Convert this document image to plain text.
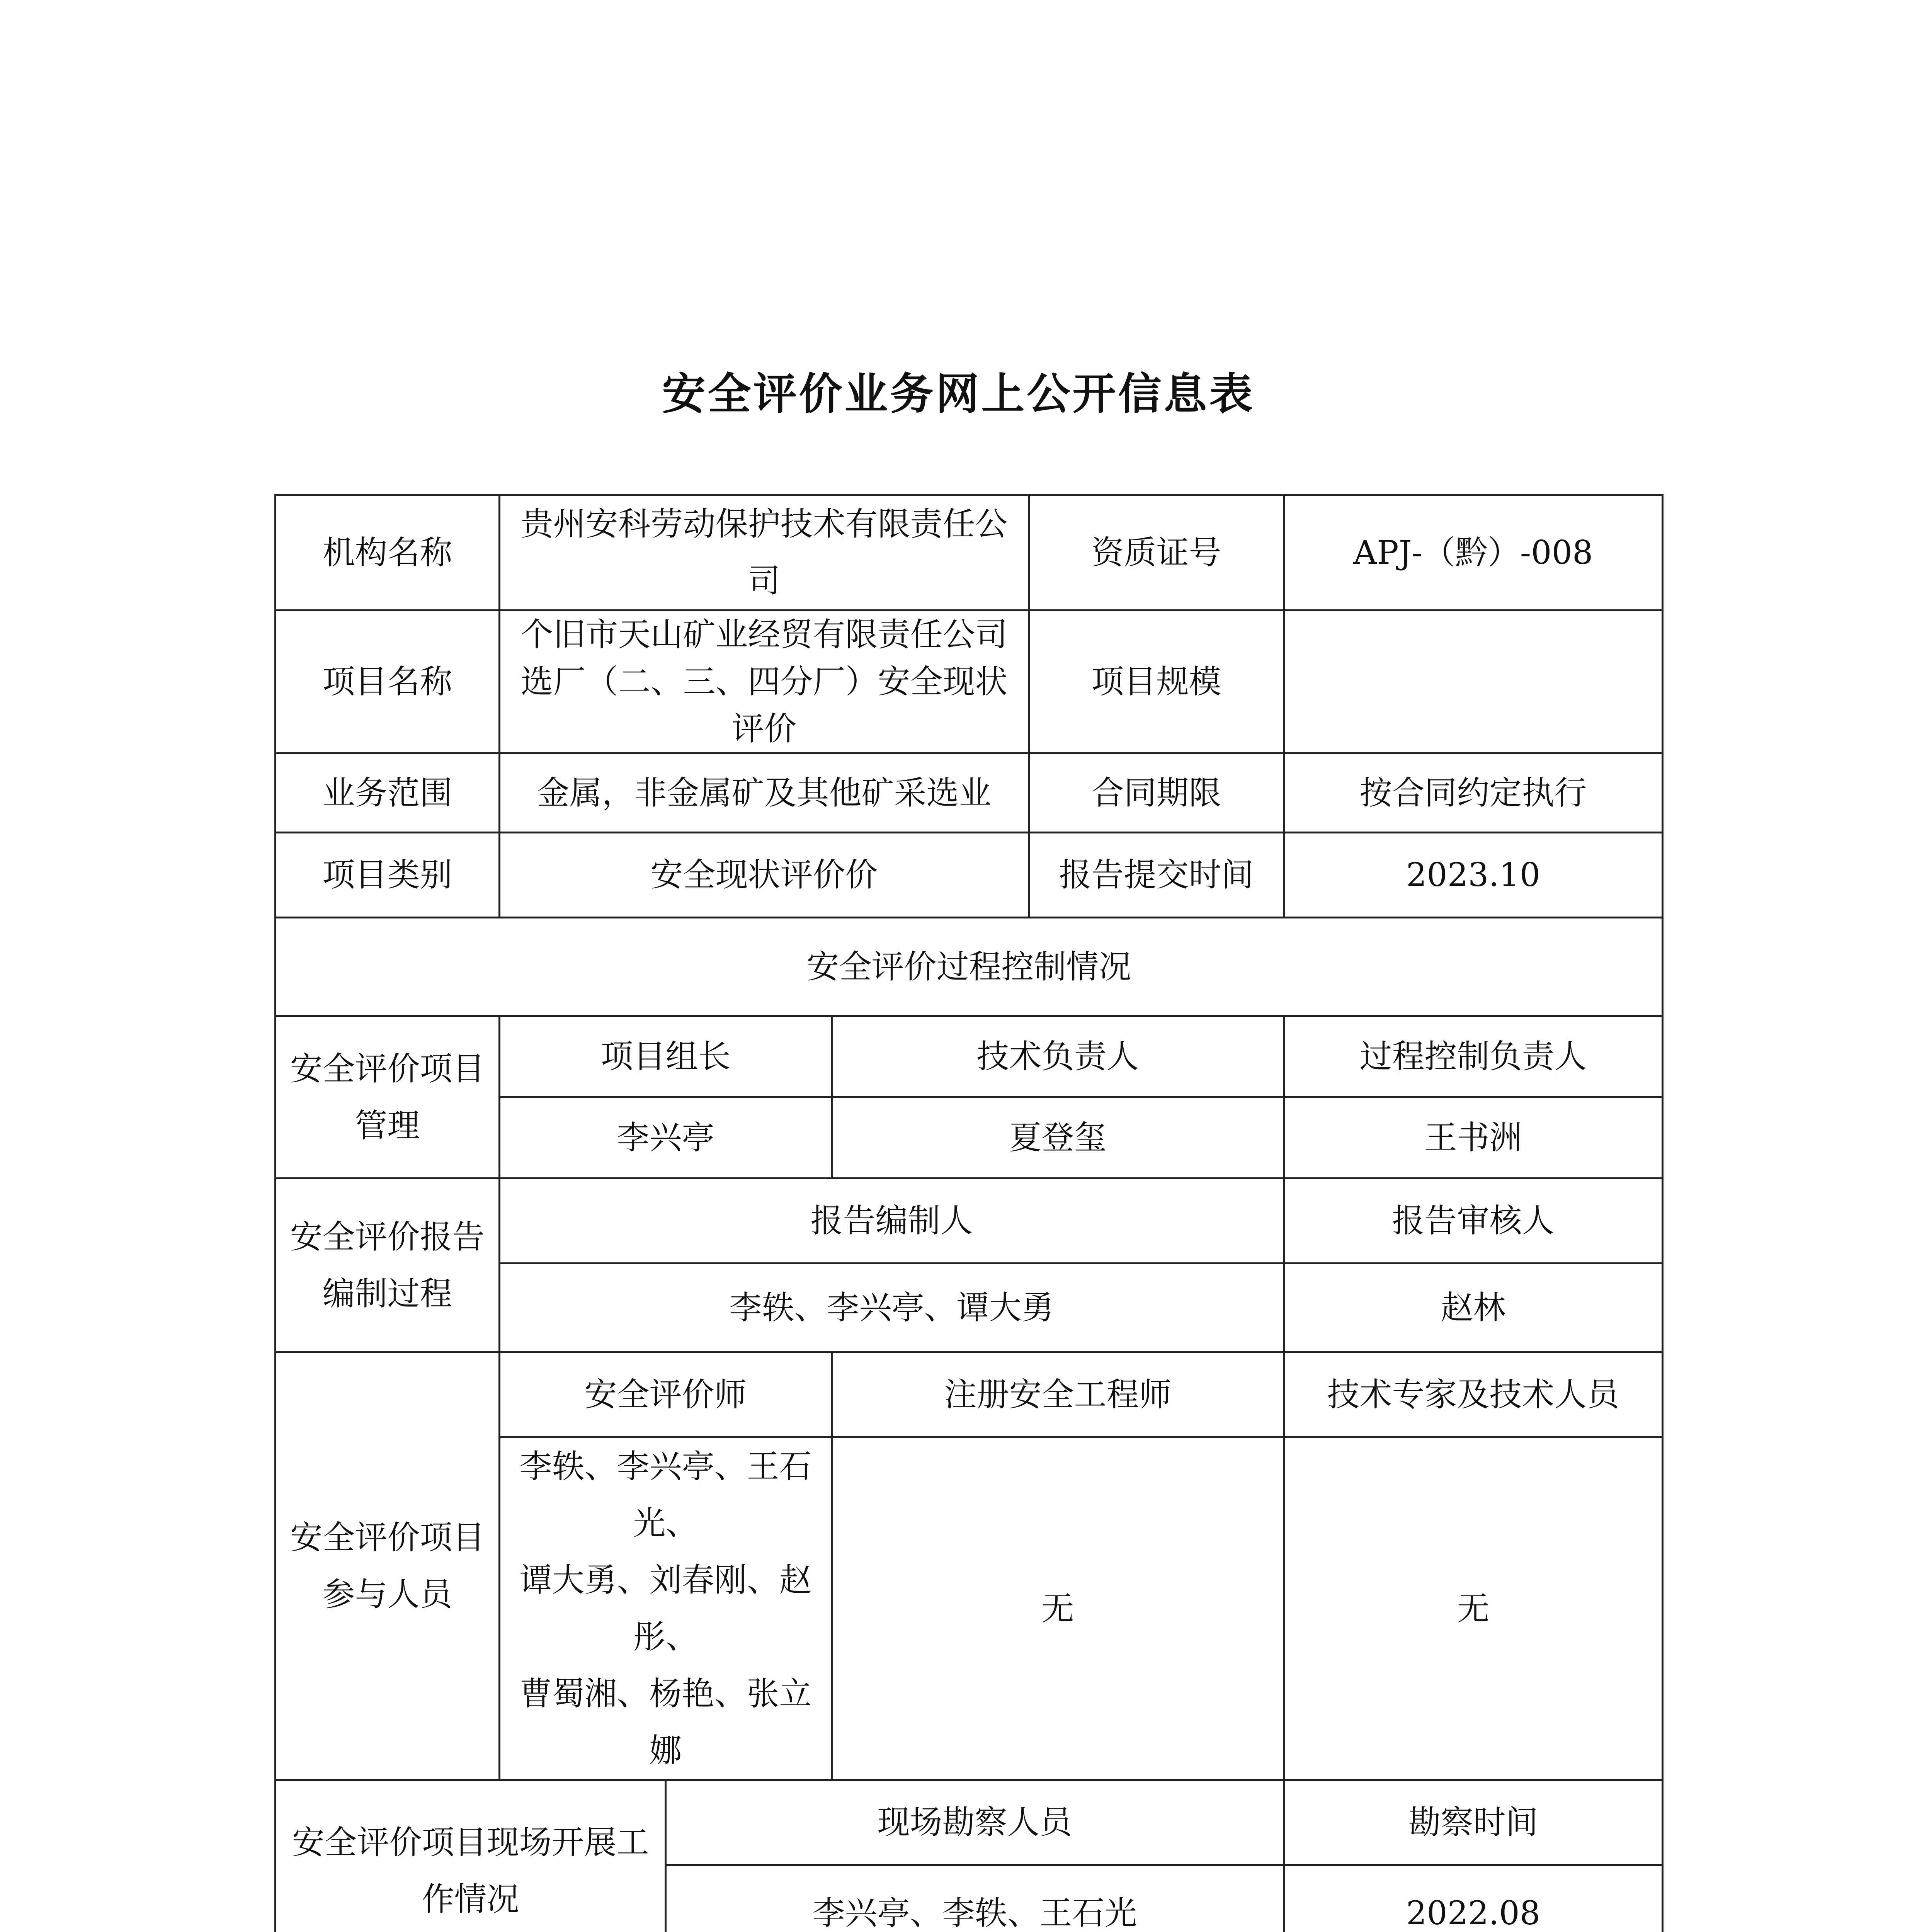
安全评价业务网上公开信息表
机构名称	贵州安科劳动保护技术有限责任公司			资质证号	APJ-（黔）-008
项目名称	个旧市天山矿业经贸有限责任公司选厂（二、三、四分厂）安全现状评价			项目规模	
业务范围	金属，非金属矿及其他矿采选业			合同期限	按合同约定执行
项目类别	安全现状评价价			报告提交时间	2023.10
安全评价过程控制情况					
安全评价项目管理	项目组长		技术负责人		过程控制负责人
	李兴亭		夏登玺		王书洲
安全评价报告编制过程	报告编制人				报告审核人
	李轶、李兴亭、谭大勇				赵林
安全评价项目参与人员	安全评价师		注册安全工程师		技术专家及技术人员

	李轶、李兴亭、王石光、
谭大勇、刘春刚、赵彤、
曹蜀湘、杨艳、张立娜		无		无
安全评价项目现场开展工作情况		现场勘察人员			勘察时间
		李兴亭、李轶、王石光			2022.08
